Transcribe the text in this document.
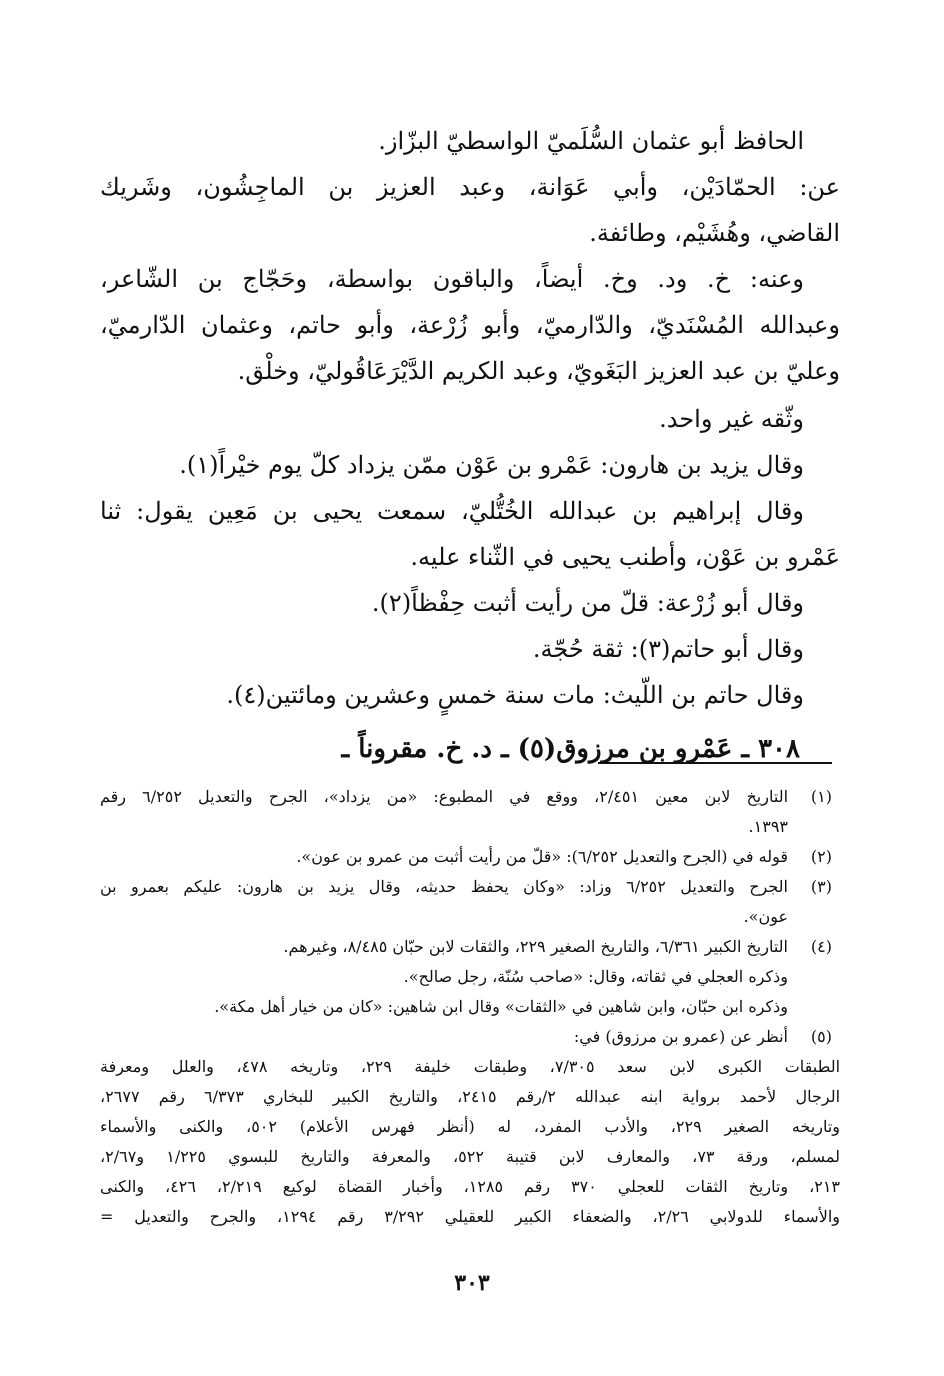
الحافظ أبو عثمان السُّلَميّ الواسطيّ البزّاز.
عن: الحمّادَيْن، وأبي عَوَانة، وعبد العزيز بن الماجِشُون، وشَريك
القاضي، وهُشَيْم، وطائفة.
وعنه: خ. ود. وخ. أيضاً، والباقون بواسطة، وحَجّاج بن الشّاعر،
وعبدالله المُسْنَديّ، والدّارميّ، وأبو زُرْعة، وأبو حاتم، وعثمان الدّارميّ،
وعليّ بن عبد العزيز البَغَويّ، وعبد الكريم الدَّيْرَعَاقُوليّ، وخلْق.
وثّقه غير واحد.
وقال يزيد بن هارون: عَمْرو بن عَوْن ممّن يزداد كلّ يوم خيْراً(١).
وقال إبراهيم بن عبدالله الخُتُّليّ، سمعت يحيى بن مَعِين يقول: ثنا
عَمْرو بن عَوْن، وأطنب يحيى في الثّناء عليه.
وقال أبو زُرْعة: قلّ من رأيت أثبت حِفْظاً(٢).
وقال أبو حاتم(٣): ثقة حُجّة.
وقال حاتم بن اللّيث: مات سنة خمسٍ وعشرين ومائتين(٤).
٣٠٨ ـ عَمْرو بن مرزوق(٥) ـ د. خ. مقروناً ـ
(١)
التاريخ لابن معين ٢/٤٥١، ووقع في المطبوع: «من يزداد»، الجرح والتعديل ٦/٢٥٢ رقم
١٣٩٣.
(٢)
قوله في (الجرح والتعديل ٦/٢٥٢): «قلّ من رأيت أثبت من عمرو بن عون».
(٣)
الجرح والتعديل ٦/٢٥٢ وزاد: «وكان يحفظ حديثه، وقال يزيد بن هارون: عليكم بعمرو بن
عون».
(٤)
التاريخ الكبير ٦/٣٦١، والتاريخ الصغير ٢٢٩، والثقات لابن حبّان ٨/٤٨٥، وغيرهم.
وذكره العجلي في ثقاته، وقال: «صاحب سُنّة، رجل صالح».
وذكره ابن حبّان، وابن شاهين في «الثقات» وقال ابن شاهين: «كان من خيار أهل مكة».
(٥)
أنظر عن (عمرو بن مرزوق) في:
الطبقات الكبرى لابن سعد ٧/٣٠٥، وطبقات خليفة ٢٢٩، وتاريخه ٤٧٨، والعلل ومعرفة
الرجال لأحمد برواية ابنه عبدالله ٢/رقم ٢٤١٥، والتاريخ الكبير للبخاري ٦/٣٧٣ رقم ٢٦٧٧،
وتاريخه الصغير ٢٢٩، والأدب المفرد، له (أنظر فهرس الأعلام) ٥٠٢، والكنى والأسماء
لمسلم، ورقة ٧٣، والمعارف لابن قتيبة ٥٢٢، والمعرفة والتاريخ للبسوي ١/٢٢٥ و٢/٦٧،
٢١٣، وتاريخ الثقات للعجلي ٣٧٠ رقم ١٢٨٥، وأخبار القضاة لوكيع ٢/٢١٩، ٤٢٦، والكنى
والأسماء للدولابي ٢/٢٦، والضعفاء الكبير للعقيلي ٣/٢٩٢ رقم ١٢٩٤، والجرح والتعديل =
٣٠٣
